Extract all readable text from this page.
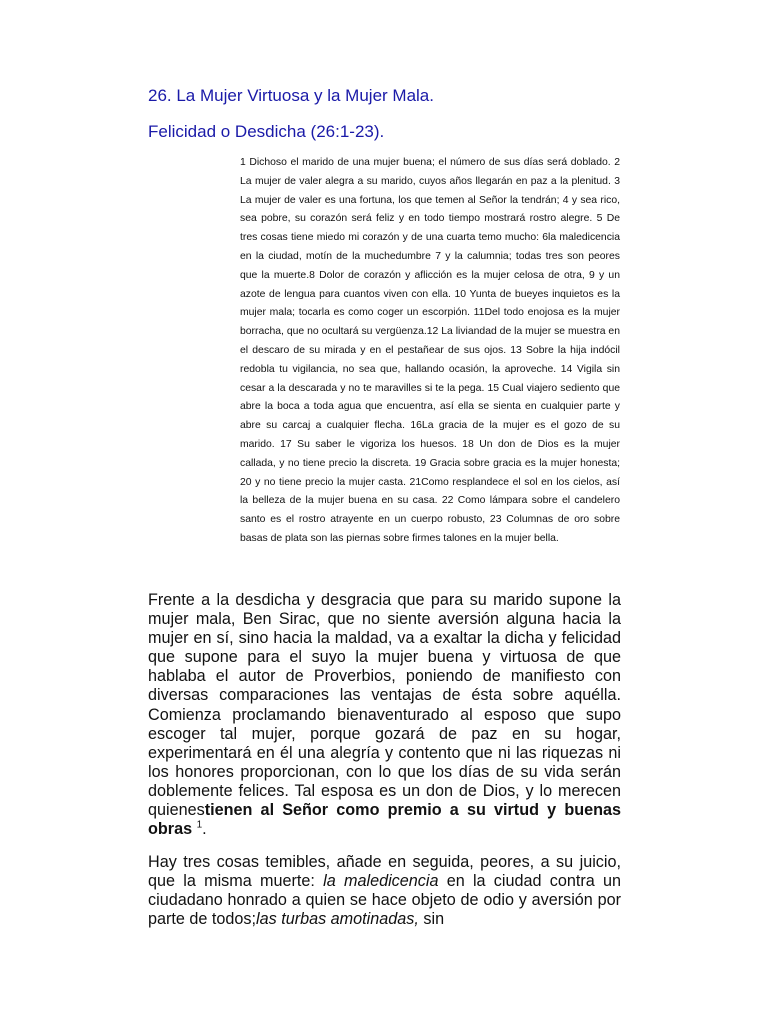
26. La Mujer Virtuosa y la Mujer Mala.
Felicidad o Desdicha (26:1-23).

1 Dichoso el marido de una mujer buena; el número de sus días será doblado. 2 La mujer de valer alegra a su marido, cuyos años llegarán en paz a la plenitud. 3 La mujer de valer es una fortuna, los que temen al Señor la tendrán; 4 y sea rico, sea pobre, su corazón será feliz y en todo tiempo mostrará rostro alegre. 5 De tres cosas tiene miedo mi corazón y de una cuarta temo mucho: 6la maledicencia en la ciudad, motín de la muchedumbre 7 y la calumnia; todas tres son peores que la muerte.8 Dolor de corazón y aflicción es la mujer celosa de otra, 9 y un azote de lengua para cuantos viven con ella. 10 Yunta de bueyes inquietos es la mujer mala; tocarla es como coger un escorpión. 11Del todo enojosa es la mujer borracha, que no ocultará su vergüenza.12 La liviandad de la mujer se muestra en el descaro de su mirada y en el pestañear de sus ojos. 13 Sobre la hija indócil redobla tu vigilancia, no sea que, hallando ocasión, la aproveche. 14 Vigila sin cesar a la descarada y no te maravilles si te la pega. 15 Cual viajero sediento que abre la boca a toda agua que encuentra, así ella se sienta en cualquier parte y abre su carcaj a cualquier flecha. 16La gracia de la mujer es el gozo de su marido. 17 Su saber le vigoriza los huesos. 18 Un don de Dios es la mujer callada, y no tiene precio la discreta. 19 Gracia sobre gracia es la mujer honesta; 20 y no tiene precio la mujer casta. 21Como resplandece el sol en los cielos, así la belleza de la mujer buena en su casa. 22 Como lámpara sobre el candelero santo es el rostro atrayente en un cuerpo robusto, 23 Columnas de oro sobre basas de plata son las piernas sobre firmes talones en la mujer bella.

Frente a la desdicha y desgracia que para su marido supone la mujer mala, Ben Sirac, que no siente aversión alguna hacia la mujer en sí, sino hacia la maldad, va a exaltar la dicha y felicidad que supone para el suyo la mujer buena y virtuosa de que hablaba el autor de Proverbios, poniendo de manifiesto con diversas comparaciones las ventajas de ésta sobre aquélla. Comienza proclamando bienaventurado al esposo que supo escoger tal mujer, porque gozará de paz en su hogar, experimentará en él una alegría y contento que ni las riquezas ni los honores proporcionan, con lo que los días de su vida serán doblemente felices. Tal esposa es un don de Dios, y lo merecen quienestienen al Señor como premio a su virtud y buenas obras $^1$.

Hay tres cosas temibles, añade en seguida, peores, a su juicio, que la misma muerte: la maledicencia en la ciudad contra un ciudadano honrado a quien se hace objeto de odio y aversión por parte de todos;las turbas amotinadas, sin
